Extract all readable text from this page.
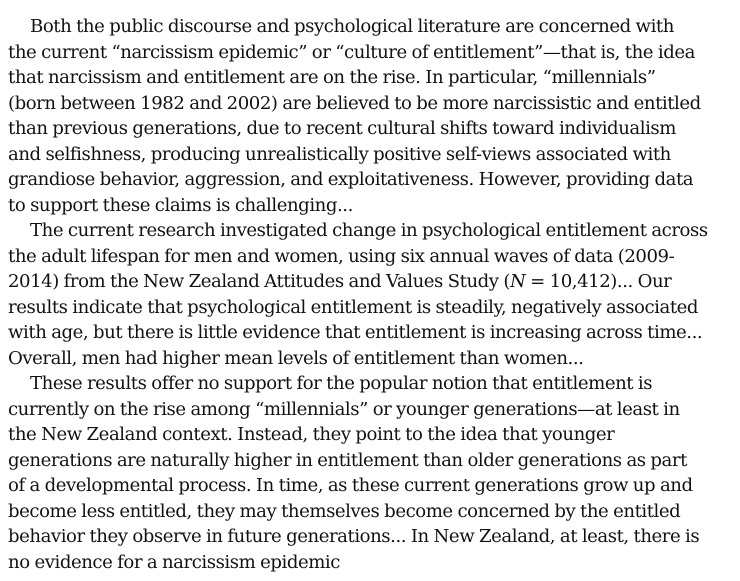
Both the public discourse and psychological literature are concerned with
the current “narcissism epidemic” or “culture of entitlement”—that is, the idea
that narcissism and entitlement are on the rise. In particular, “millennials”
(born between 1982 and 2002) are believed to be more narcissistic and entitled
than previous generations, due to recent cultural shifts toward individualism
and selfishness, producing unrealistically positive self-views associated with
grandiose behavior, aggression, and exploitativeness. However, providing data
to support these claims is challenging...

The current research investigated change in psychological entitlement across
the adult lifespan for men and women, using six annual waves of data (2009-
2014) from the New Zealand Attitudes and Values Study (N = 10,412)... Our
results indicate that psychological entitlement is steadily, negatively associated
with age, but there is little evidence that entitlement is increasing across time...
Overall, men had higher mean levels of entitlement than women...

These results offer no support for the popular notion that entitlement is
currently on the rise among “millennials” or younger generations—at least in
the New Zealand context. Instead, they point to the idea that younger
generations are naturally higher in entitlement than older generations as part
of a developmental process. In time, as these current generations grow up and
become less entitled, they may themselves become concerned by the entitled
behavior they observe in future generations... In New Zealand, at least, there is
no evidence for a narcissism epidemic
